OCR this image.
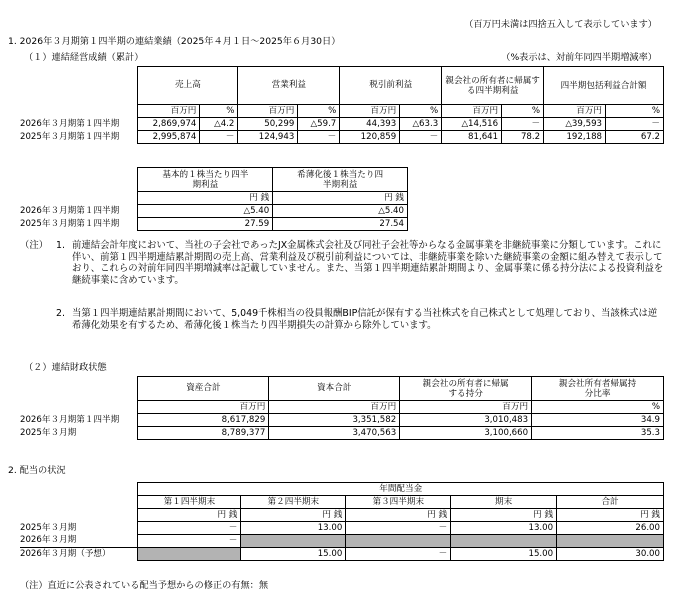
（百万円未満は四捨五入して表示しています）
1. 2026年３月期第１四半期の連結業績（2025年４月１日～2025年６月30日）
（１）連結経営成績（累計）	（%表示は、対前年同四半期増減率）
	売上高		営業利益		税引前利益		親会社の所有者に帰属する四半期利益		四半期包括利益合計額	
	百万円	%	百万円	%	百万円	%	百万円	%	百万円	%
2026年３月期第１四半期	2,869,974	△4.2	50,299	△59.7	44,393	△63.3	△14,516	－	△39,593	－
2025年３月期第１四半期	2,995,874	－	124,943	－	120,859	－	81,641	78.2	192,188	67.2
	基本的１株当たり四半期利益	希薄化後１株当たり四半期利益
	円 銭	円 銭
2026年３月期第１四半期	△5.40	△5.40
2025年３月期第１四半期	27.59	27.54
（注） 1. 前連結会計年度において、当社の子会社であったJX金属株式会社及び同社子会社等からなる金属事業を非継続事業に分類しています。これに伴い、前第１四半期連結累計期間の売上高、営業利益及び税引前利益については、非継続事業を除いた継続事業の金額に組み替えて表示しており、これらの対前年同四半期増減率は記載していません。また、当第１四半期連結累計期間より、金属事業に係る持分法による投資利益を継続事業に含めています。
2. 当第１四半期連結累計期間において、5,049千株相当の役員報酬BIP信託が保有する当社株式を自己株式として処理しており、当該株式は逆希薄化効果を有するため、希薄化後１株当たり四半期損失の計算から除外しています。
（２）連結財政状態
	資産合計	資本合計	親会社の所有者に帰属する持分	親会社所有者帰属持分比率
	百万円	百万円	百万円	%
2026年３月期第１四半期	8,617,829	3,351,582	3,010,483	34.9
2025年３月期	8,789,377	3,470,563	3,100,660	35.3
2. 配当の状況
	年間配当金				
	第１四半期末	第２四半期末	第３四半期末	期末	合計
	円 銭	円 銭	円 銭	円 銭	円 銭
2025年３月期	－	13.00	－	13.00	26.00
2026年３月期	－				
2026年３月期（予想）		15.00	－	15.00	30.00
（注）直近に公表されている配当予想からの修正の有無：無
